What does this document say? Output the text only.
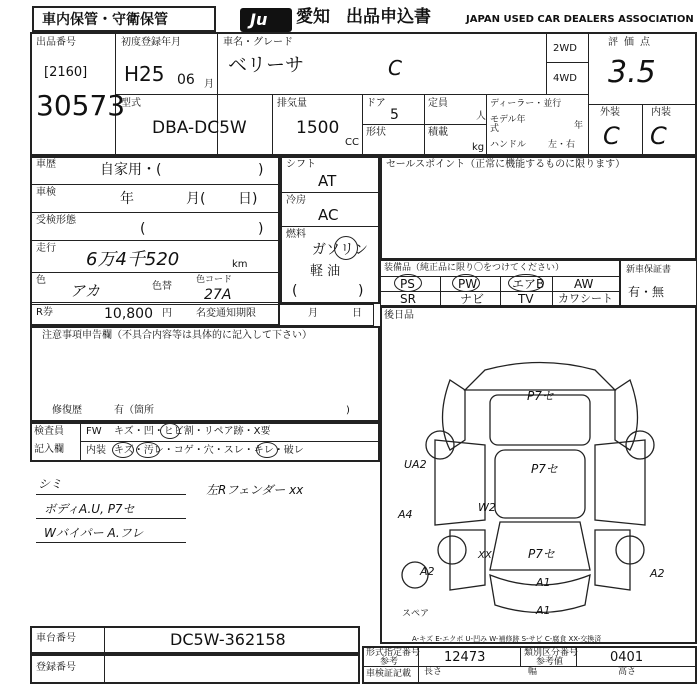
車内保管・守衛保管	Ju 愛知 出品申込書	JAPAN USED CAR DEALERS ASSOCIATION
出品番号
[2160]
30573
初度登録年月
H25 06 月
車名・グレード
ベリーサ	C
2WD
4WD
評価点
3.5
外装	内装
C C
型式
DBA-DC5W
排気量
1500
CC
ドア
5
形状
定員
人
積載
kg
ディーラー・並行
モデル年式	年
ハンドル 左・右
車歴	自家用・(	)
車検	年	月( 日)
受検形態
(	)
走行
6万4千520	km
色
アカ	色替
色コード
27A
R券	10,800 円 名変通知期限	月	日
シフト
AT
冷房
AC
燃料
ガソリン
軽 油
(	)
セールスポイント（正常に機能するものに限ります）
装備品（純正品に限り〇をつけてください）
PS	PW	エアB AW
SR	ナビ	TV カワシート
新車保証書
有・無
注意事項申告欄（不具合内容等は具体的に記入して下さい）
修復歴	有（箇所	)
後日品
検査員
記入欄
FW キズ・凹・ヒビ割・リペア跡・X要
内装 キズ・汚レ・コゲ・穴・スレ・キレ・破レ
シミ
ボディA.U, P7セ
Wバイパー A.フレ
左Rフェンダー xx
P7セ
P7セ
P7セ
UA2
W2
A4
A2	A2
A1
A1
XX
スペア
A-キズ E-エクボ U-凹み W-補修跡 S-サビ C-腐食 XX-交換済
車台番号	DC5W-362158
登録番号
形式指定番号
参考	12473	類別区分番号
参考値	0401
車検証記載 長さ	幅	高さ
